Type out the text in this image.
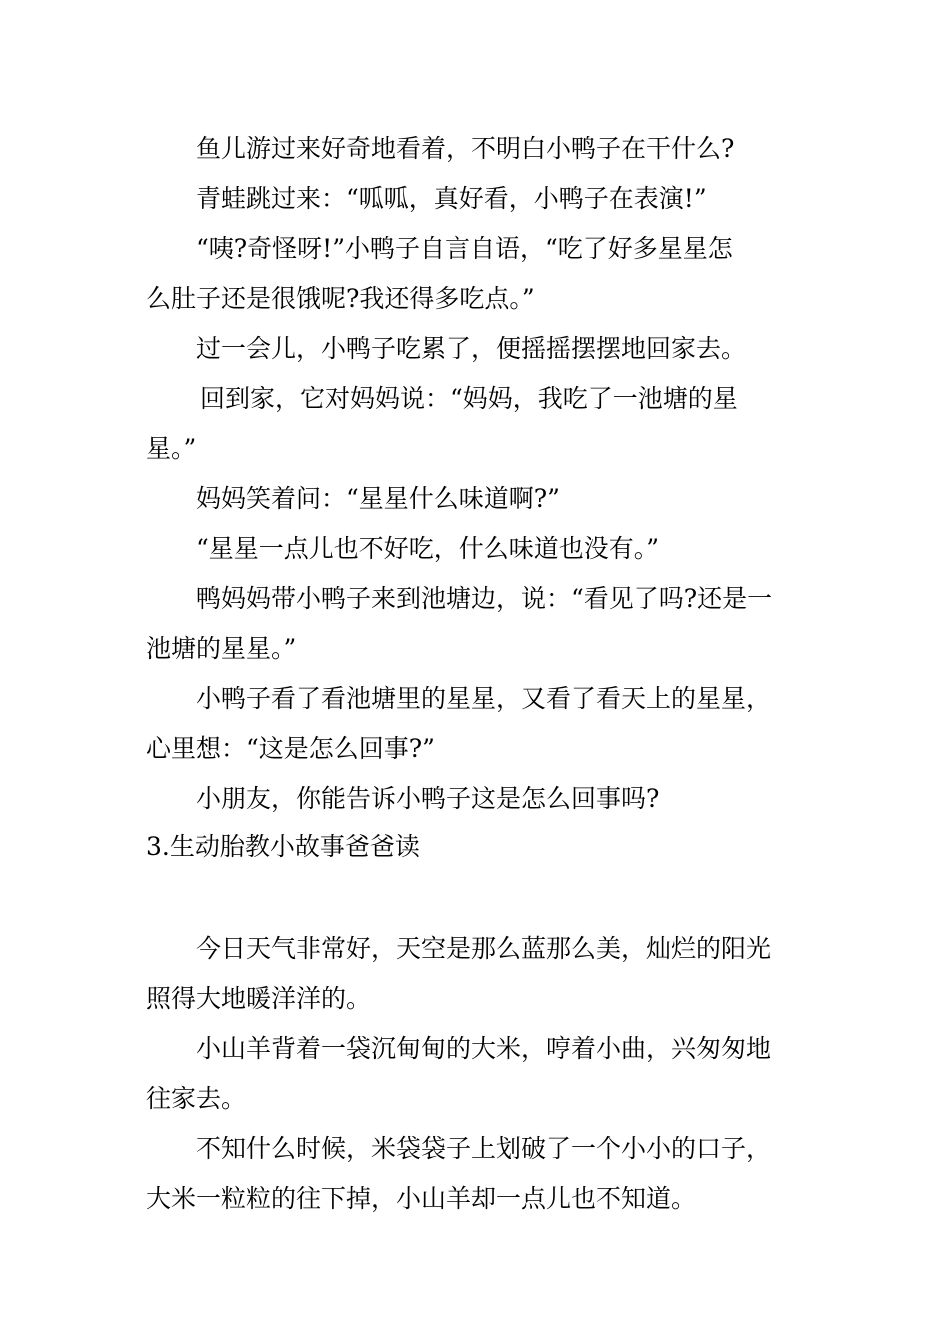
鱼儿游过来好奇地看着，不明白小鸭子在干什么?
青蛙跳过来：“呱呱，真好看，小鸭子在表演!”
“咦?奇怪呀!”小鸭子自言自语，“吃了好多星星怎
么肚子还是很饿呢?我还得多吃点。”
过一会儿，小鸭子吃累了，便摇摇摆摆地回家去。
回到家，它对妈妈说：“妈妈，我吃了一池塘的星
星。”
妈妈笑着问：“星星什么味道啊?”
“星星一点儿也不好吃，什么味道也没有。”
鸭妈妈带小鸭子来到池塘边，说：“看见了吗?还是一
池塘的星星。”
小鸭子看了看池塘里的星星，又看了看天上的星星，
心里想：“这是怎么回事?”
小朋友，你能告诉小鸭子这是怎么回事吗?
3.生动胎教小故事爸爸读
今日天气非常好，天空是那么蓝那么美，灿烂的阳光
照得大地暖洋洋的。
小山羊背着一袋沉甸甸的大米，哼着小曲，兴匆匆地
往家去。
不知什么时候，米袋袋子上划破了一个小小的口子，
大米一粒粒的往下掉，小山羊却一点儿也不知道。
